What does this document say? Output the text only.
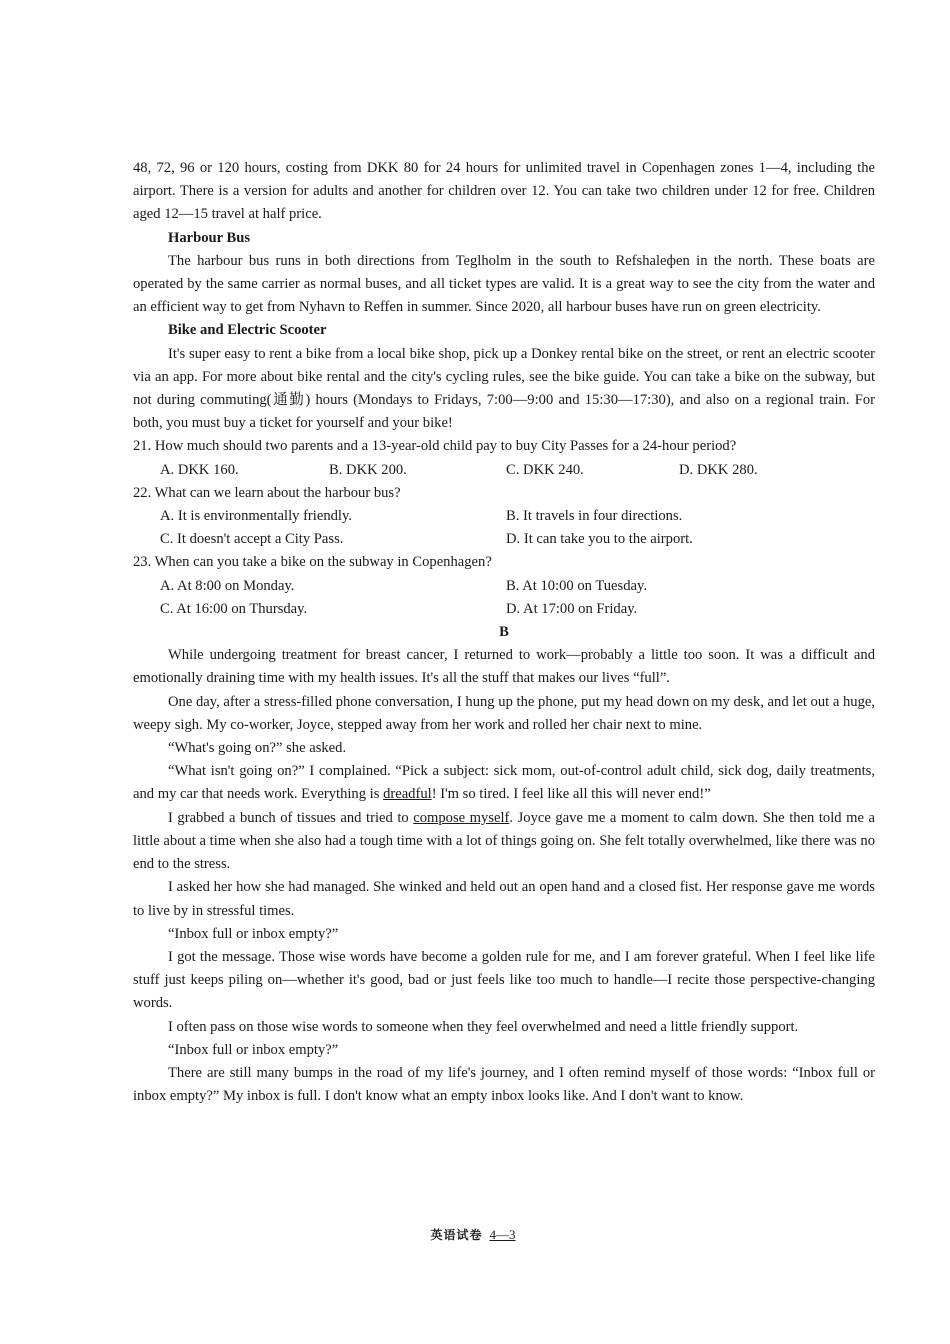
48, 72, 96 or 120 hours, costing from DKK 80 for 24 hours for unlimited travel in Copenhagen zones 1—4, including the airport. There is a version for adults and another for children over 12. You can take two children under 12 for free. Children aged 12—15 travel at half price.

Harbour Bus

The harbour bus runs in both directions from Teglholm in the south to Refshaleфen in the north. These boats are operated by the same carrier as normal buses, and all ticket types are valid. It is a great way to see the city from the water and an efficient way to get from Nyhavn to Reffen in summer. Since 2020, all harbour buses have run on green electricity.

Bike and Electric Scooter

It's super easy to rent a bike from a local bike shop, pick up a Donkey rental bike on the street, or rent an electric scooter via an app. For more about bike rental and the city's cycling rules, see the bike guide. You can take a bike on the subway, but not during commuting(通勤) hours (Mondays to Fridays, 7:00—9:00 and 15:30—17:30), and also on a regional train. For both, you must buy a ticket for yourself and your bike!

21. How much should two parents and a 13-year-old child pay to buy City Passes for a 24-hour period?

A. DKK 160.	B. DKK 200.	C. DKK 240.	D. DKK 280.

22. What can we learn about the harbour bus?

A. It is environmentally friendly.	B. It travels in four directions.
C. It doesn't accept a City Pass.	D. It can take you to the airport.

23. When can you take a bike on the subway in Copenhagen?

A. At 8:00 on Monday.	B. At 10:00 on Tuesday.
C. At 16:00 on Thursday.	D. At 17:00 on Friday.

B

While undergoing treatment for breast cancer, I returned to work—probably a little too soon. It was a difficult and emotionally draining time with my health issues. It's all the stuff that makes our lives “full”.

One day, after a stress-filled phone conversation, I hung up the phone, put my head down on my desk, and let out a huge, weepy sigh. My co-worker, Joyce, stepped away from her work and rolled her chair next to mine.

“What's going on?” she asked.

“What isn't going on?” I complained. “Pick a subject: sick mom, out-of-control adult child, sick dog, daily treatments, and my car that needs work. Everything is dreadful! I'm so tired. I feel like all this will never end!”

I grabbed a bunch of tissues and tried to compose myself. Joyce gave me a moment to calm down. She then told me a little about a time when she also had a tough time with a lot of things going on. She felt totally overwhelmed, like there was no end to the stress.

I asked her how she had managed. She winked and held out an open hand and a closed fist. Her response gave me words to live by in stressful times.

“Inbox full or inbox empty?”

I got the message. Those wise words have become a golden rule for me, and I am forever grateful. When I feel like life stuff just keeps piling on—whether it's good, bad or just feels like too much to handle—I recite those perspective-changing words.

I often pass on those wise words to someone when they feel overwhelmed and need a little friendly support.

“Inbox full or inbox empty?”

There are still many bumps in the road of my life's journey, and I often remind myself of those words: “Inbox full or inbox empty?” My inbox is full. I don't know what an empty inbox looks like. And I don't want to know.

英语试卷 4—3
